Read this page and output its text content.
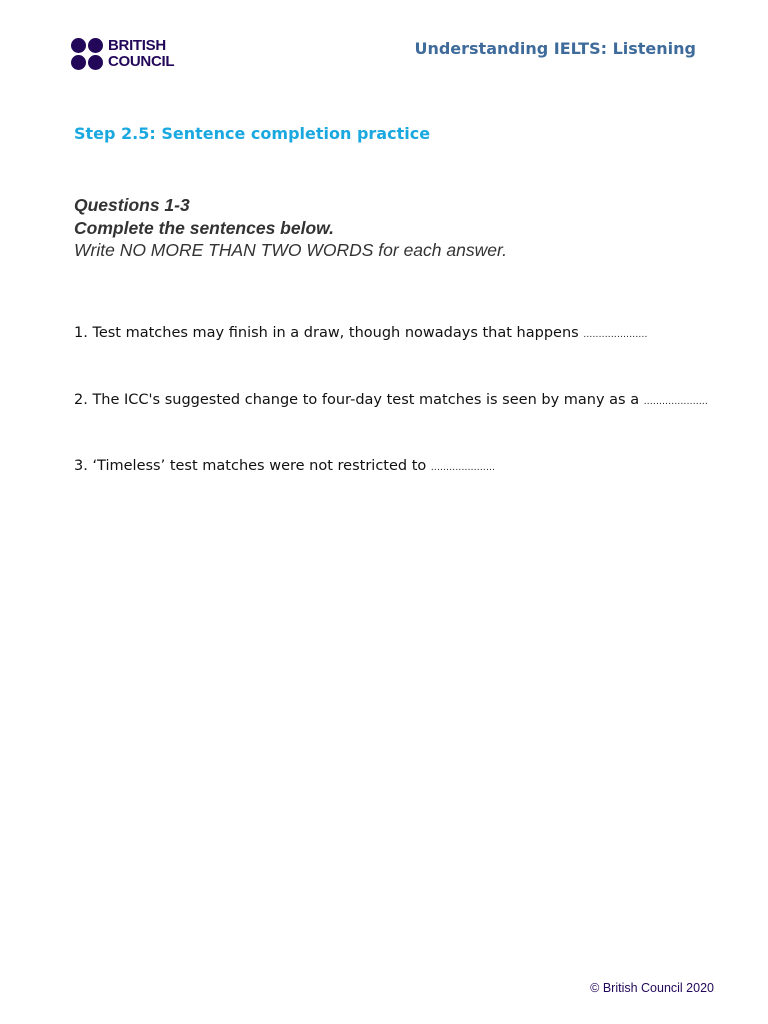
BRITISH
COUNCIL
Understanding IELTS: Listening
Step 2.5: Sentence completion practice
Questions 1-3
Complete the sentences below.
Write NO MORE THAN TWO WORDS for each answer.
1. Test matches may finish in a draw, though nowadays that happens .....................
2. The ICC's suggested change to four-day test matches is seen by many as a .....................
3. ‘Timeless’ test matches were not restricted to .....................
© British Council 2020
